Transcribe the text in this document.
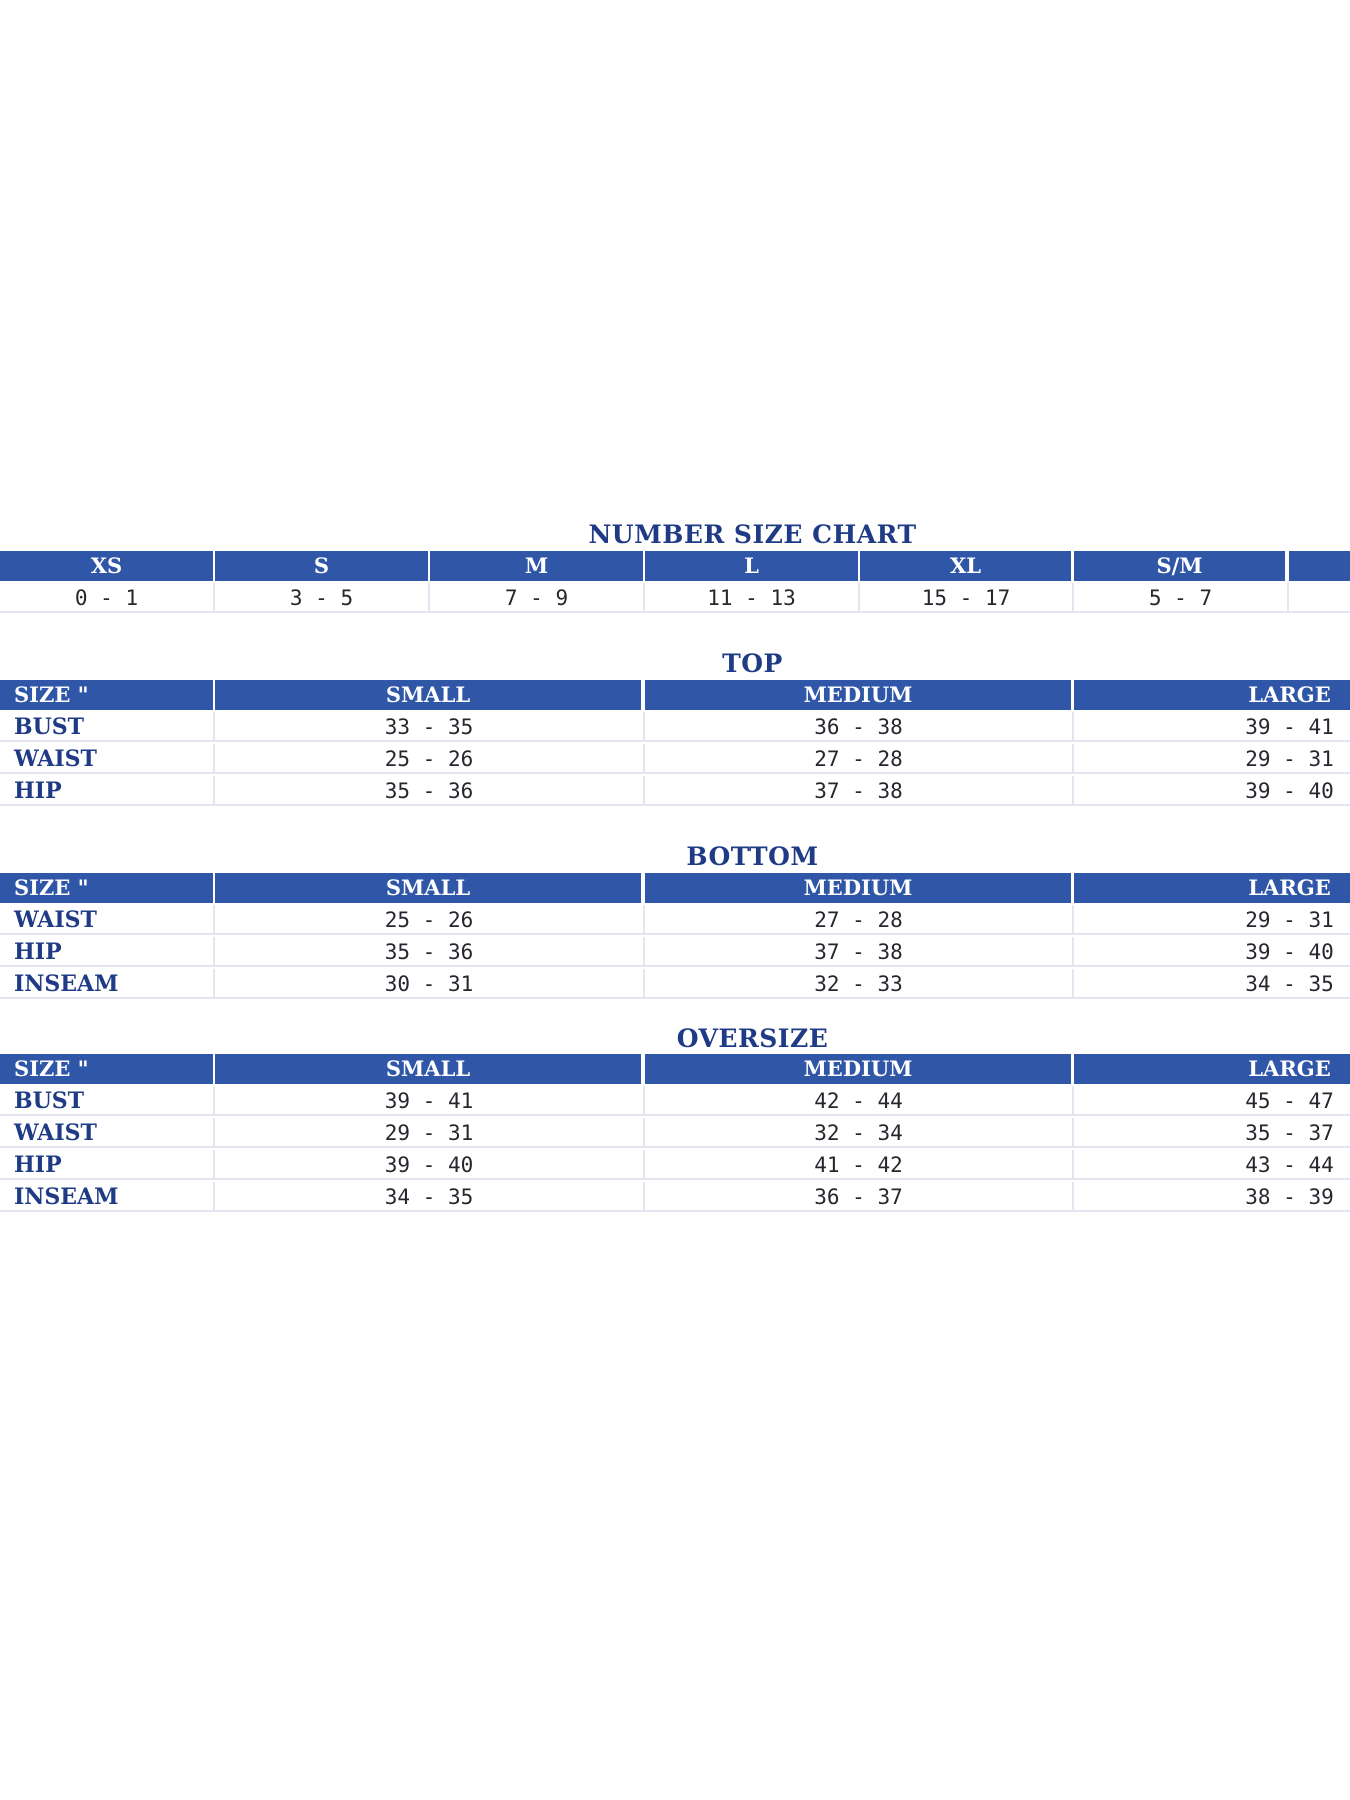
NUMBER SIZE CHART
XS	S	M	L	XL	S/M
0 - 1	3 - 5	7 - 9	11 - 13	15 - 17	5 - 7
TOP
SIZE "	SMALL	MEDIUM	LARGE
BUST	33 - 35	36 - 38	39 - 41
WAIST	25 - 26	27 - 28	29 - 31
HIP	35 - 36	37 - 38	39 - 40
BOTTOM
SIZE "	SMALL	MEDIUM	LARGE
WAIST	25 - 26	27 - 28	29 - 31
HIP	35 - 36	37 - 38	39 - 40
INSEAM	30 - 31	32 - 33	34 - 35
OVERSIZE
SIZE "	SMALL	MEDIUM	LARGE
BUST	39 - 41	42 - 44	45 - 47
WAIST	29 - 31	32 - 34	35 - 37
HIP	39 - 40	41 - 42	43 - 44
INSEAM	34 - 35	36 - 37	38 - 39
